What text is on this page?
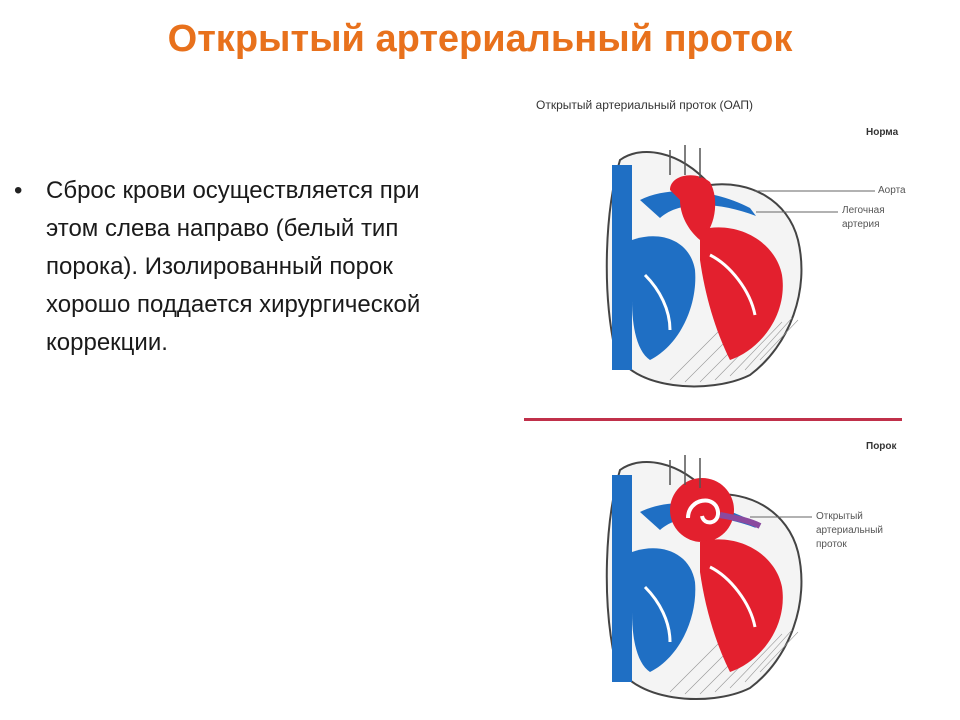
Открытый артериальный проток
• Сброс крови осуществляется при этом слева направо (белый тип порока). Изолированный порок хорошо поддается хирургической коррекции.
Открытый артериальный проток (ОАП)
Норма
Аорта
Легочная артерия
Порок
Открытый артериальный проток
